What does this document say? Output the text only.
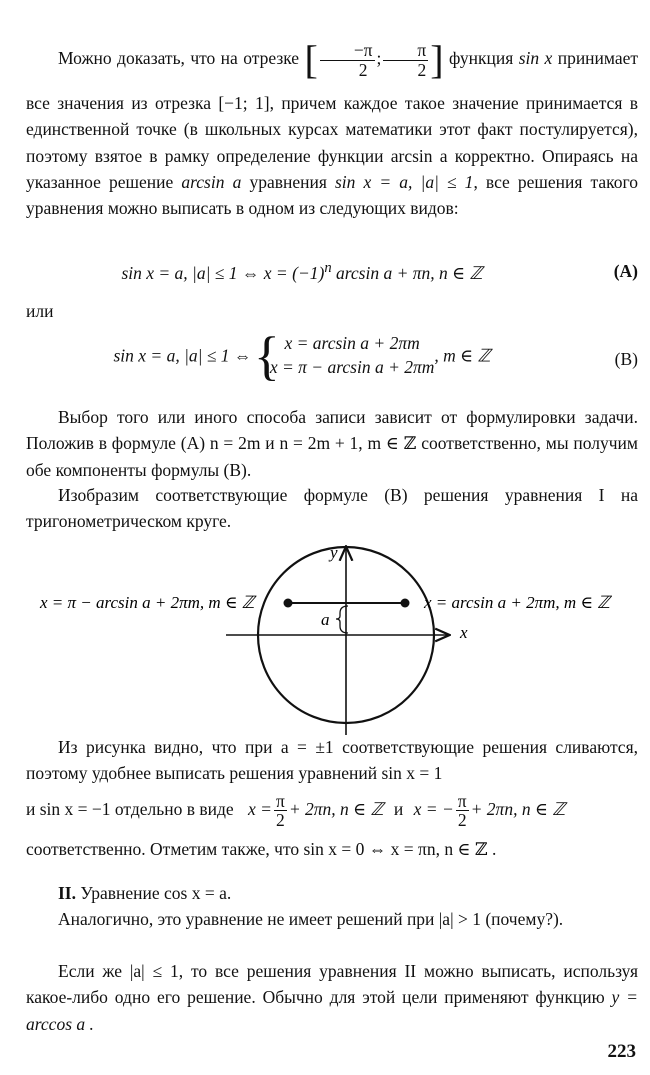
Можно доказать, что на отрезке [ $\frac{-\pi}{2}$ ; $\frac{\pi}{2}$ ] функция sin x принимает все значения из отрезка [−1; 1], причем каждое такое значение принимается в единственной точке (в школьных курсах математики этот факт постулируется), поэтому взятое в рамку определение функции arcsin a корректно. Опираясь на указанное решение arcsin a уравнения sin x = a, |a| ≤ 1, все решения такого уравнения можно выписать в одном из следующих видов:
sin x = a, |a| ≤ 1 ⇔ $x = (-1)^n$ arcsin a + πn, n ∈ ℤ	(A)
или
sin x = a, |a| ≤ 1 ⇔
{ x = arcsin a + 2πm
x = π − arcsin a + 2πm
, m ∈ ℤ	(B)
Выбор того или иного способа записи зависит от формулировки задачи. Положив в формуле (A) n = 2m и n = 2m + 1, m ∈ ℤ соответственно, мы получим обе компоненты формулы (B).
Изобразим соответствующие формуле (B) решения уравнения I на тригонометрическом круге.
a
y
x
x = π − arcsin a + 2πm, m ∈ ℤ	x = arcsin a + 2πm, m ∈ ℤ
Из рисунка видно, что при a = ±1 соответствующие решения сливаются, поэтому удобнее выписать решения уравнений sin x = 1
и sin x = −1 отдельно в виде $x = \frac{\pi}{2} + 2\pi n$, n ∈ ℤ и x = − $\frac{\pi}{2} + 2\pi n$, n ∈ ℤ
соответственно. Отметим также, что sin x = 0 ⇔ x = πn, n ∈ ℤ .
II. Уравнение cos x = a.
Аналогично, это уравнение не имеет решений при |a| > 1 (почему?).
Если же |a| ≤ 1, то все решения уравнения II можно выписать, используя какое-либо одно его решение. Обычно для этой цели применяют функцию y = arccos a .
223
